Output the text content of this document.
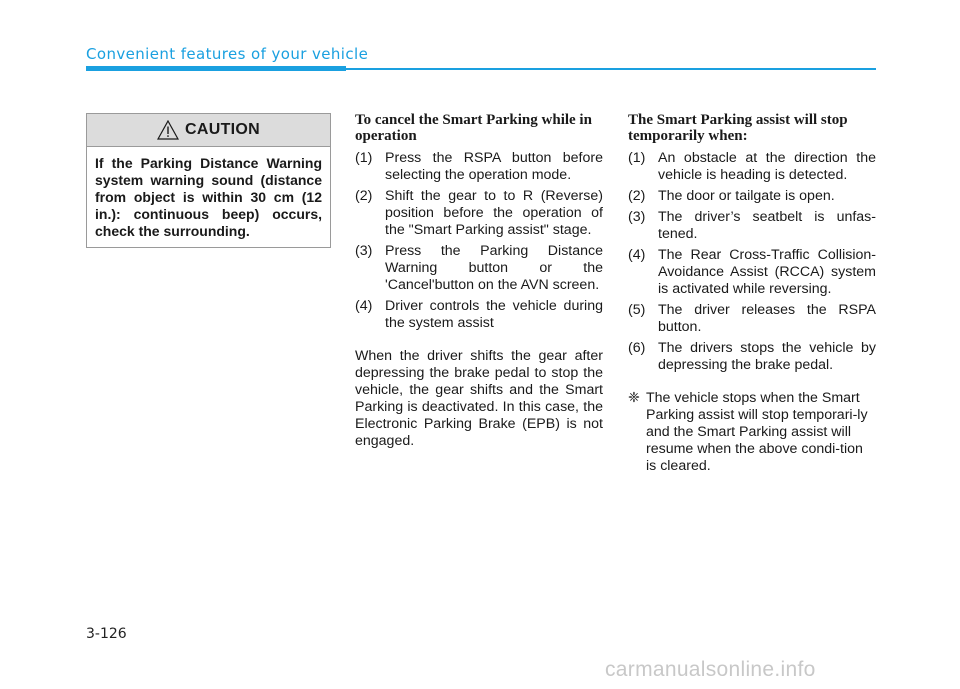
Convenient features of your vehicle
CAUTION
If the Parking Distance Warning system warning sound (distance from object is within 30 cm (12 in.): continuous beep) occurs, check the surrounding.
To cancel the Smart Parking while in operation
(1) Press the RSPA button before selecting the operation mode.
(2) Shift the gear to to R (Reverse) position before the operation of the "Smart Parking assist" stage.
(3) Press the Parking Distance Warning button or the 'Cancel'button on the AVN screen.
(4) Driver controls the vehicle during the system assist
When the driver shifts the gear after depressing the brake pedal to stop the vehicle, the gear shifts and the Smart Parking is deactivated. In this case, the Electronic Parking Brake (EPB) is not engaged.
The Smart Parking assist will stop temporarily when:
(1) An obstacle at the direction the vehicle is heading is detected.
(2) The door or tailgate is open.
(3) The driver’s seatbelt is unfas-tened.
(4) The Rear Cross-Traffic Collision-Avoidance Assist (RCCA) system is activated while reversing.
(5) The driver releases the RSPA button.
(6) The drivers stops the vehicle by depressing the brake pedal.
❈ The vehicle stops when the Smart Parking assist will stop temporari-ly and the Smart Parking assist will resume when the above condi-tion is cleared.
3-126
carmanualsonline.info
